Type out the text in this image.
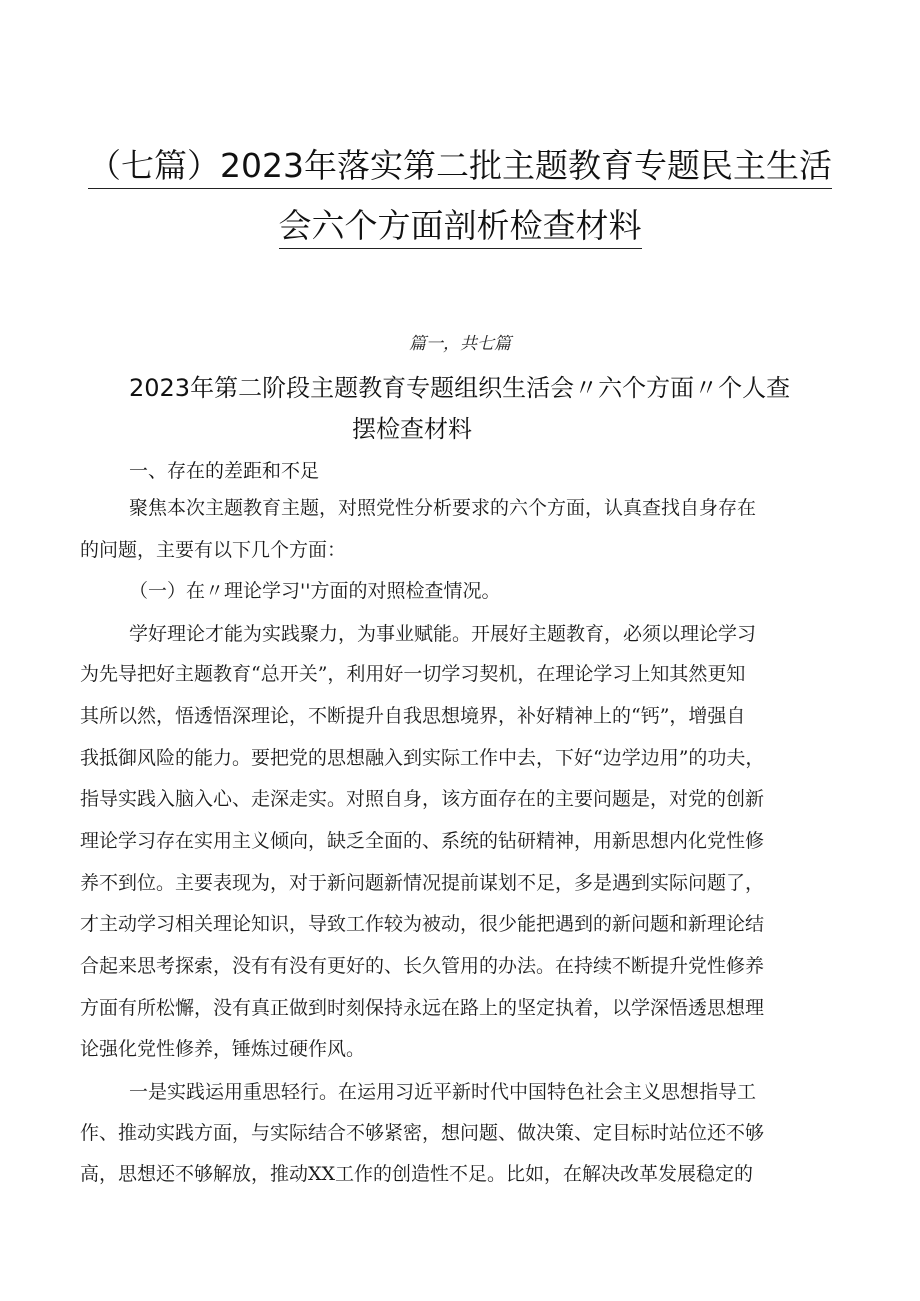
（七篇）2023年落实第二批主题教育专题民主生活
会六个方面剖析检查材料
篇一，共七篇
2023年第二阶段主题教育专题组织生活会〃六个方面〃个人查
摆检查材料
一、存在的差距和不足
聚焦本次主题教育主题，对照党性分析要求的六个方面，认真查找自身存在
的问题，主要有以下几个方面：
（一）在〃理论学习''方面的对照检查情况。
学好理论才能为实践聚力，为事业赋能。开展好主题教育，必须以理论学习
为先导把好主题教育“总开关”，利用好一切学习契机，在理论学习上知其然更知
其所以然，悟透悟深理论，不断提升自我思想境界，补好精神上的“钙”，增强自
我抵御风险的能力。要把党的思想融入到实际工作中去，下好“边学边用”的功夫，
指导实践入脑入心、走深走实。对照自身，该方面存在的主要问题是，对党的创新
理论学习存在实用主义倾向，缺乏全面的、系统的钻研精神，用新思想内化党性修
养不到位。主要表现为，对于新问题新情况提前谋划不足，多是遇到实际问题了，
才主动学习相关理论知识，导致工作较为被动，很少能把遇到的新问题和新理论结
合起来思考探索，没有有没有更好的、长久管用的办法。在持续不断提升党性修养
方面有所松懈，没有真正做到时刻保持永远在路上的坚定执着，以学深悟透思想理
论强化党性修养，锤炼过硬作风。
一是实践运用重思轻行。在运用习近平新时代中国特色社会主义思想指导工
作、推动实践方面，与实际结合不够紧密，想问题、做决策、定目标时站位还不够
高，思想还不够解放，推动XX工作的创造性不足。比如，在解决改革发展稳定的
